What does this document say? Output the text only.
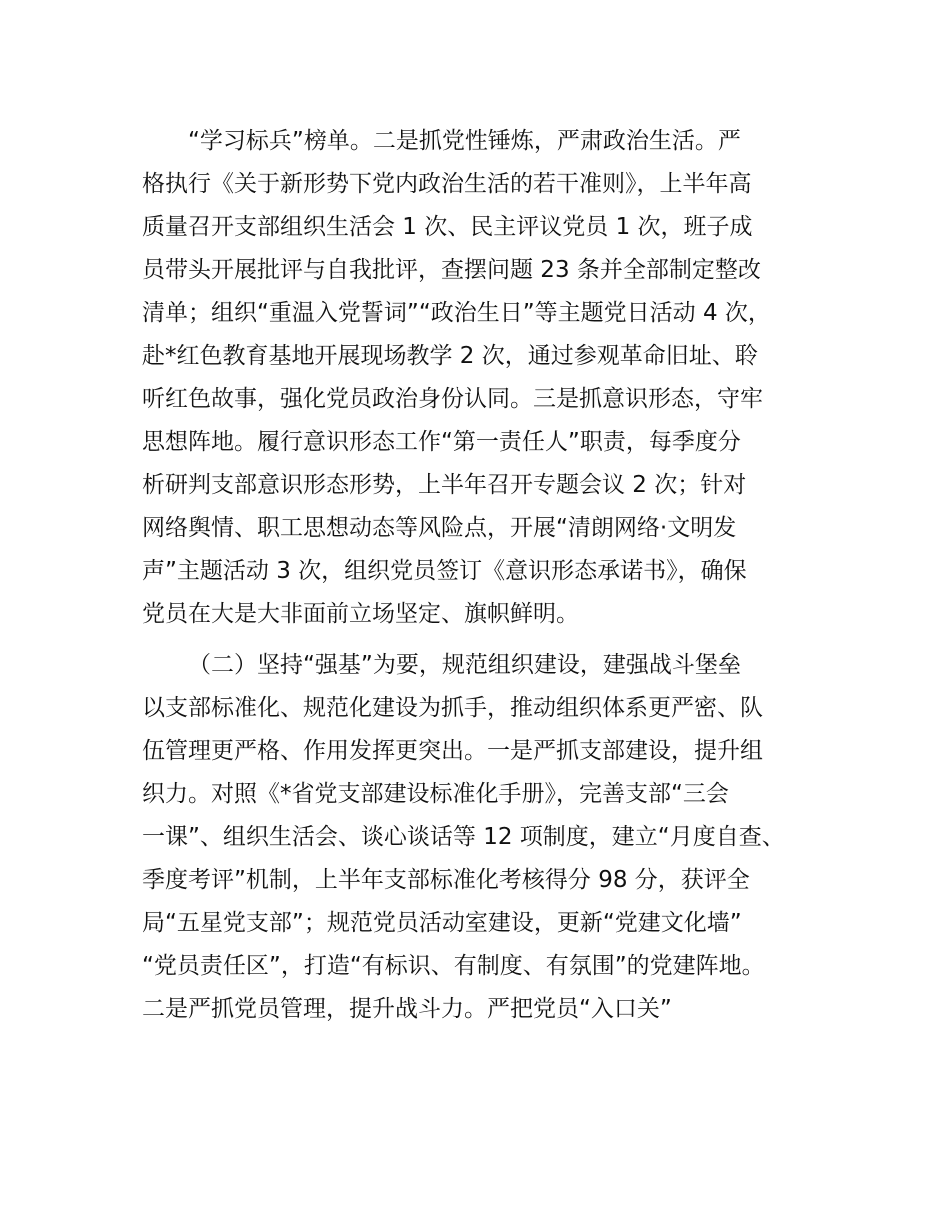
“学习标兵”榜单。二是抓党性锤炼，严肃政治生活。严
格执行《关于新形势下党内政治生活的若干准则》，上半年高
质量召开支部组织生活会 1 次、民主评议党员 1 次，班子成
员带头开展批评与自我批评，查摆问题 23 条并全部制定整改
清单；组织“重温入党誓词”“政治生日”等主题党日活动 4 次，
赴*红色教育基地开展现场教学 2 次，通过参观革命旧址、聆
听红色故事，强化党员政治身份认同。三是抓意识形态，守牢
思想阵地。履行意识形态工作“第一责任人”职责，每季度分
析研判支部意识形态形势，上半年召开专题会议 2 次；针对
网络舆情、职工思想动态等风险点，开展“清朗网络·文明发
声”主题活动 3 次，组织党员签订《意识形态承诺书》，确保
党员在大是大非面前立场坚定、旗帜鲜明。
（二）坚持“强基”为要，规范组织建设，建强战斗堡垒
以支部标准化、规范化建设为抓手，推动组织体系更严密、队
伍管理更严格、作用发挥更突出。一是严抓支部建设，提升组
织力。对照《*省党支部建设标准化手册》，完善支部“三会
一课”、组织生活会、谈心谈话等 12 项制度，建立“月度自查、
季度考评”机制，上半年支部标准化考核得分 98 分，获评全
局“五星党支部”；规范党员活动室建设，更新“党建文化墙”
“党员责任区”，打造“有标识、有制度、有氛围”的党建阵地。
二是严抓党员管理，提升战斗力。严把党员“入口关”
